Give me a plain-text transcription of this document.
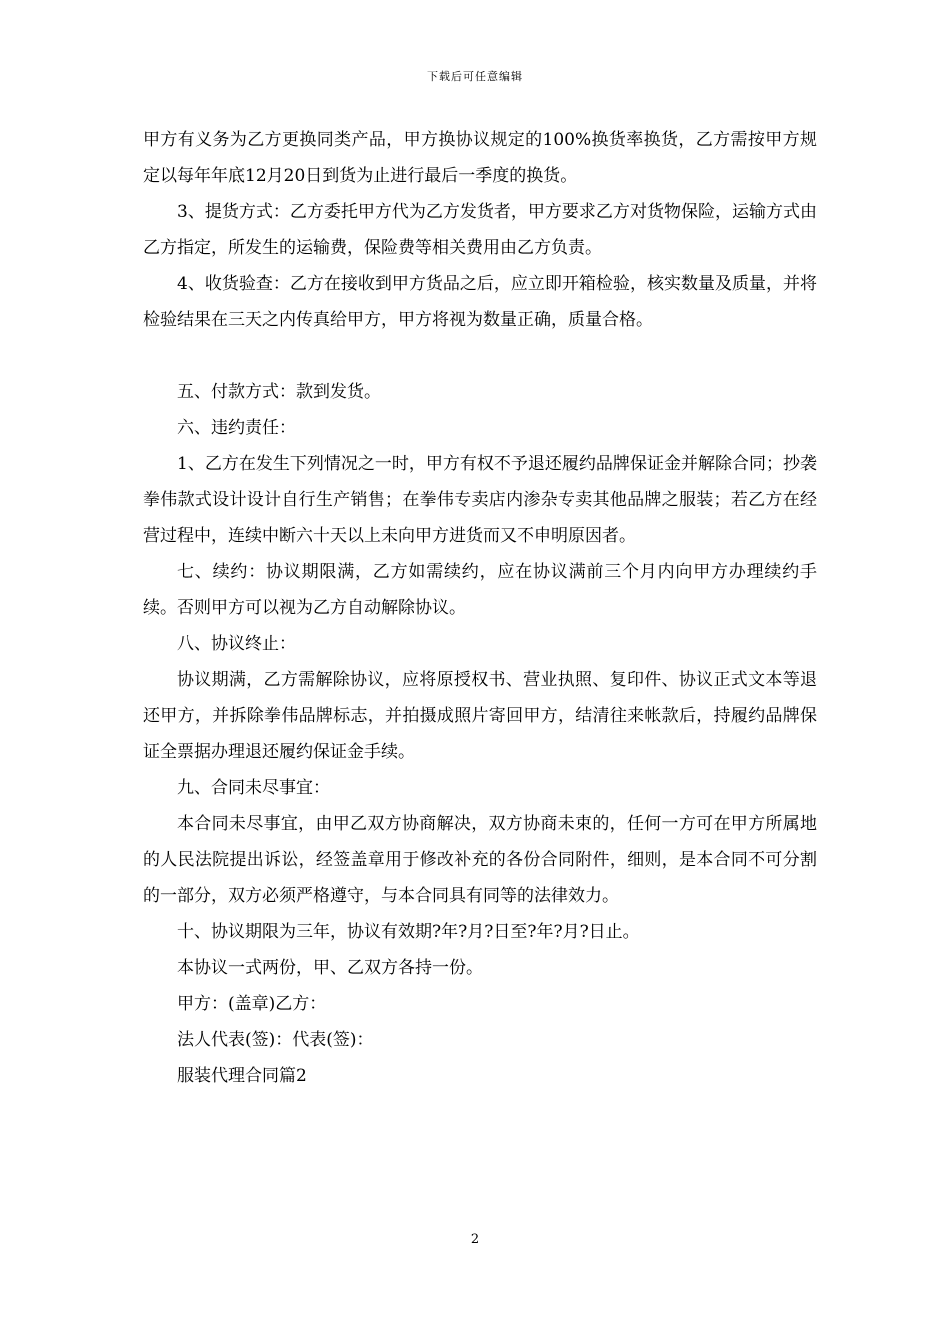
下载后可任意编辑

甲方有义务为乙方更换同类产品，甲方换协议规定的100%换货率换货，乙方需按甲方规定以每年年底12月20日到货为止进行最后一季度的换货。

3、提货方式：乙方委托甲方代为乙方发货者，甲方要求乙方对货物保险，运输方式由乙方指定，所发生的运输费，保险费等相关费用由乙方负责。

4、收货验查：乙方在接收到甲方货品之后，应立即开箱检验，核实数量及质量，并将检验结果在三天之内传真给甲方，甲方将视为数量正确，质量合格。

五、付款方式：款到发货。

六、违约责任：

1、乙方在发生下列情况之一时，甲方有权不予退还履约品牌保证金并解除合同；抄袭拳伟款式设计设计自行生产销售；在拳伟专卖店内渗杂专卖其他品牌之服装；若乙方在经营过程中，连续中断六十天以上未向甲方进货而又不申明原因者。

七、续约：协议期限满，乙方如需续约，应在协议满前三个月内向甲方办理续约手续。否则甲方可以视为乙方自动解除协议。

八、协议终止：

协议期满，乙方需解除协议，应将原授权书、营业执照、复印件、协议正式文本等退还甲方，并拆除拳伟品牌标志，并拍摄成照片寄回甲方，结清往来帐款后，持履约品牌保证全票据办理退还履约保证金手续。

九、合同未尽事宜：

本合同未尽事宜，由甲乙双方协商解决，双方协商未束的，任何一方可在甲方所属地的人民法院提出诉讼，经签盖章用于修改补充的各份合同附件，细则，是本合同不可分割的一部分，双方必须严格遵守，与本合同具有同等的法律效力。

十、协议期限为三年，协议有效期?年?月?日至?年?月?日止。

本协议一式两份，甲、乙双方各持一份。

甲方：(盖章)乙方：

法人代表(签)：代表(签)：

服装代理合同篇2

2
